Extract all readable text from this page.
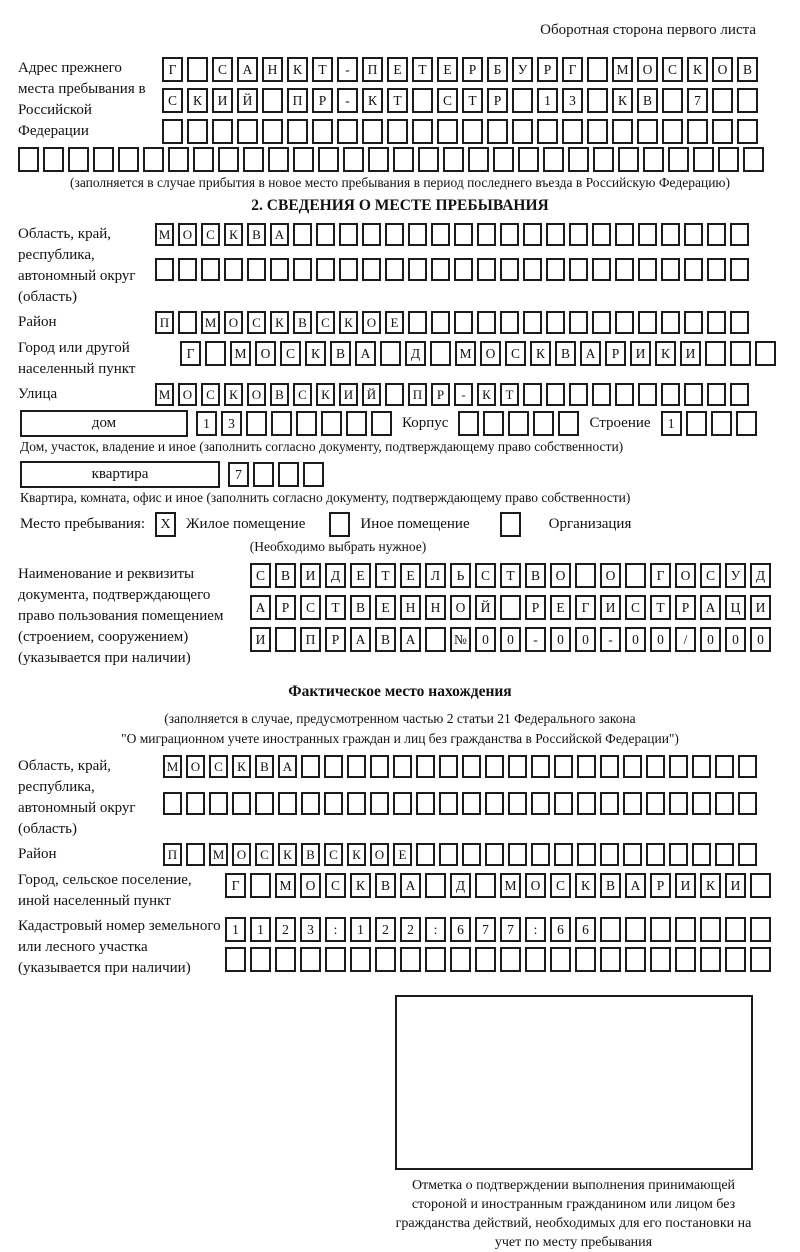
Оборотная сторона первого листа
Адрес прежнего места пребывания в Российской Федерации
Г	С	А	Н	К	Т	-	П	Е	Т	Е	Р	Б	У	Р	Г	М	О	С	К	О	В
С	К	И	Й	П	Р	-	К	Т	С	Т	Р	1	3	К	В	7
(заполняется в случае прибытия в новое место пребывания в период последнего въезда в Российскую Федерацию)
2. СВЕДЕНИЯ О МЕСТЕ ПРЕБЫВАНИЯ
Область, край, республика, автономный округ (область)
М О	С	К	В	А
Район	П	М О	С	К	В	С	К	О	Е
Город или другой населенный пункт
Г	М	О	С	К	В	А	Д	М	О	С	К	В	А	Р	И	К	И
Улица	М О	С	К	О	В	С	К	И	Й	П	Р	-	К	Т
дом	1	3	Корпус	Строение	1
Дом, участок, владение и иное (заполнить согласно документу, подтверждающему право собственности)
квартира	7
Квартира, комната, офис и иное (заполнить согласно документу, подтверждающему право собственности)
Место пребывания:	X	Жилое помещение	Иное помещение	Организация
(Необходимо выбрать нужное)
Наименование и реквизиты документа, подтверждающего право пользования помещением (строением, сооружением) (указывается при наличии)
С	В	И	Д	Е	Т	Е	Л	Ь	С	Т	В	О	О	Г	О	С	У	Д
А	Р	С	Т	В	Е	Н	Н	О	Й	Р	Е	Г	И	С	Т	Р	А	Ц	И
И	П	Р	А	В	А	№	0	0	-	0	0	-	0	0	/	0	0	0
Фактическое место нахождения
(заполняется в случае, предусмотренном частью 2 статьи 21 Федерального закона
"О миграционном учете иностранных граждан и лиц без гражданства в Российской Федерации")
Область, край, республика, автономный округ (область)
М О	С	К	В	А
Район	П	М О	С	К	В	С	К	О	Е
Город, сельское поселение, иной населенный пункт
Г	М	О	С	К	В	А	Д	М	О	С	К	В	А	Р	И	К	И
Кадастровый номер земельного или лесного участка (указывается при наличии)
1	1	2	3	:	1	2	2	:	6	7	7	:	6	6
Отметка о подтверждении выполнения принимающей стороной и иностранным гражданином или лицом без гражданства действий, необходимых для его постановки на учет по месту пребывания
